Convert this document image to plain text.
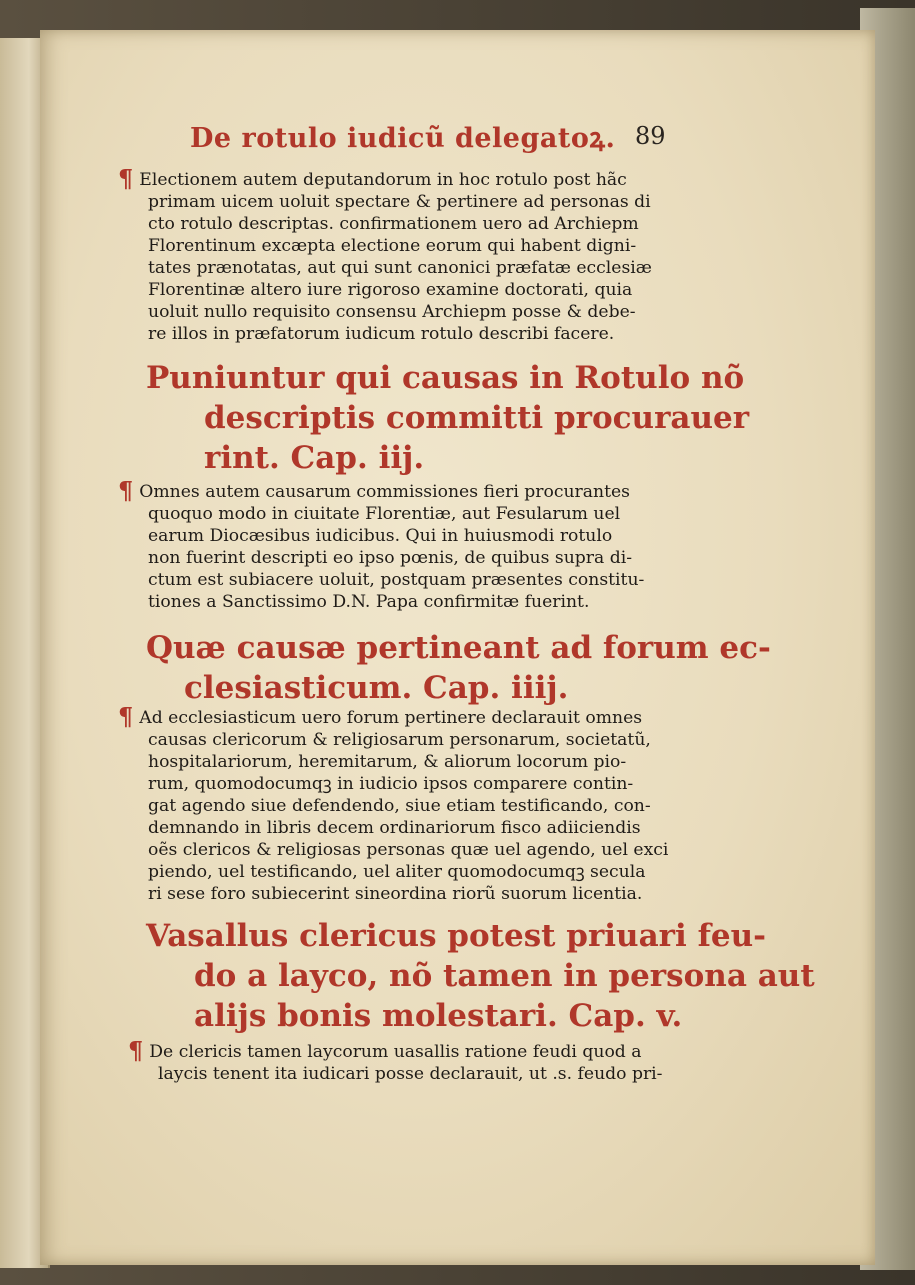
De rotulo iudicũ delegatoꝝ. 89

¶ Electionem autem deputandorum in hoc rotulo post hãc
primam uicem uoluit spectare & pertinere ad personas di
cto rotulo descriptas. confirmationem uero ad Archiepm
Florentinum excæpta electione eorum qui habent digni-
tates prænotatas, aut qui sunt canonici præfatæ ecclesiæ
Florentinæ altero iure rigoroso examine doctorati, quia
uoluit nullo requisito consensu Archiepm posse & debe-
re illos in præfatorum iudicum rotulo describi facere.

Puniuntur qui causas in Rotulo nõ
descriptis committi procurauer
rint. Cap. iij.

¶ Omnes autem causarum commissiones fieri procurantes
quoquo modo in ciuitate Florentiæ, aut Fesularum uel
earum Diocæsibus iudicibus. Qui in huiusmodi rotulo
non fuerint descripti eo ipso pœnis, de quibus supra di-
ctum est subiacere uoluit, postquam præsentes constitu-
tiones a Sanctissimo D.N. Papa confirmitæ fuerint.

Quæ causæ pertineant ad forum ec-
clesiasticum. Cap. iiij.

¶ Ad ecclesiasticum uero forum pertinere declarauit omnes
causas clericorum & religiosarum personarum, societatũ,
hospitalariorum, heremitarum, & aliorum locorum pio-
rum, quomodocumqꝫ in iudicio ipsos comparere contin-
gat agendo siue defendendo, siue etiam testificando, con-
demnando in libris decem ordinariorum fisco adiiciendis
oẽs clericos & religiosas personas quæ uel agendo, uel exci
piendo, uel testificando, uel aliter quomodocumqꝫ secula
ri sese foro subiecerint sineordina riorũ suorum licentia.

Vasallus clericus potest priuari feu-
do a layco, nõ tamen in persona aut
alijs bonis molestari. Cap. v.

¶ De clericis tamen laycorum uasallis ratione feudi quod a
laycis tenent ita iudicari posse declarauit, ut .s. feudo pri-
